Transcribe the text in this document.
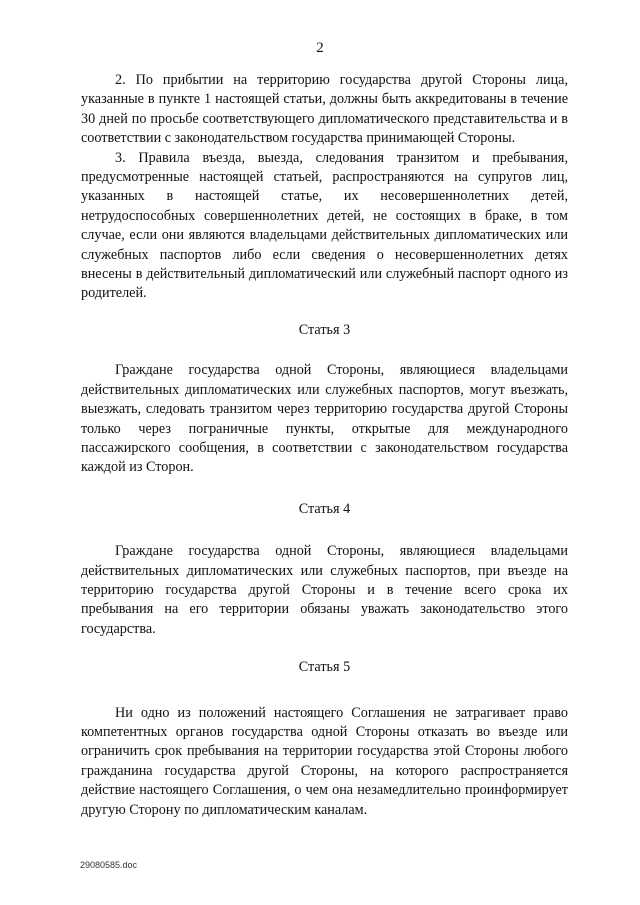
2

2. По прибытии на территорию государства другой Стороны лица, указанные в пункте 1 настоящей статьи, должны быть аккредитованы в течение 30 дней по просьбе соответствующего дипломатического представительства и в соответствии с законодательством государства принимающей Стороны.

3. Правила въезда, выезда, следования транзитом и пребывания, предусмотренные настоящей статьей, распространяются на супругов лиц, указанных в настоящей статье, их несовершеннолетних детей, нетрудоспособных совершеннолетних детей, не состоящих в браке, в том случае, если они являются владельцами действительных дипломатических или служебных паспортов либо если сведения о несовершеннолетних детях внесены в действительный дипломатический или служебный паспорт одного из родителей.

Статья 3

Граждане государства одной Стороны, являющиеся владельцами действительных дипломатических или служебных паспортов, могут въезжать, выезжать, следовать транзитом через территорию государства другой Стороны только через пограничные пункты, открытые для международного пассажирского сообщения, в соответствии с законодательством государства каждой из Сторон.

Статья 4

Граждане государства одной Стороны, являющиеся владельцами действительных дипломатических или служебных паспортов, при въезде на территорию государства другой Стороны и в течение всего срока их пребывания на его территории обязаны уважать законодательство этого государства.

Статья 5

Ни одно из положений настоящего Соглашения не затрагивает право компетентных органов государства одной Стороны отказать во въезде или ограничить срок пребывания на территории государства этой Стороны любого гражданина государства другой Стороны, на которого распространяется действие настоящего Соглашения, о чем она незамедлительно проинформирует другую Сторону по дипломатическим каналам.

29080585.doc
